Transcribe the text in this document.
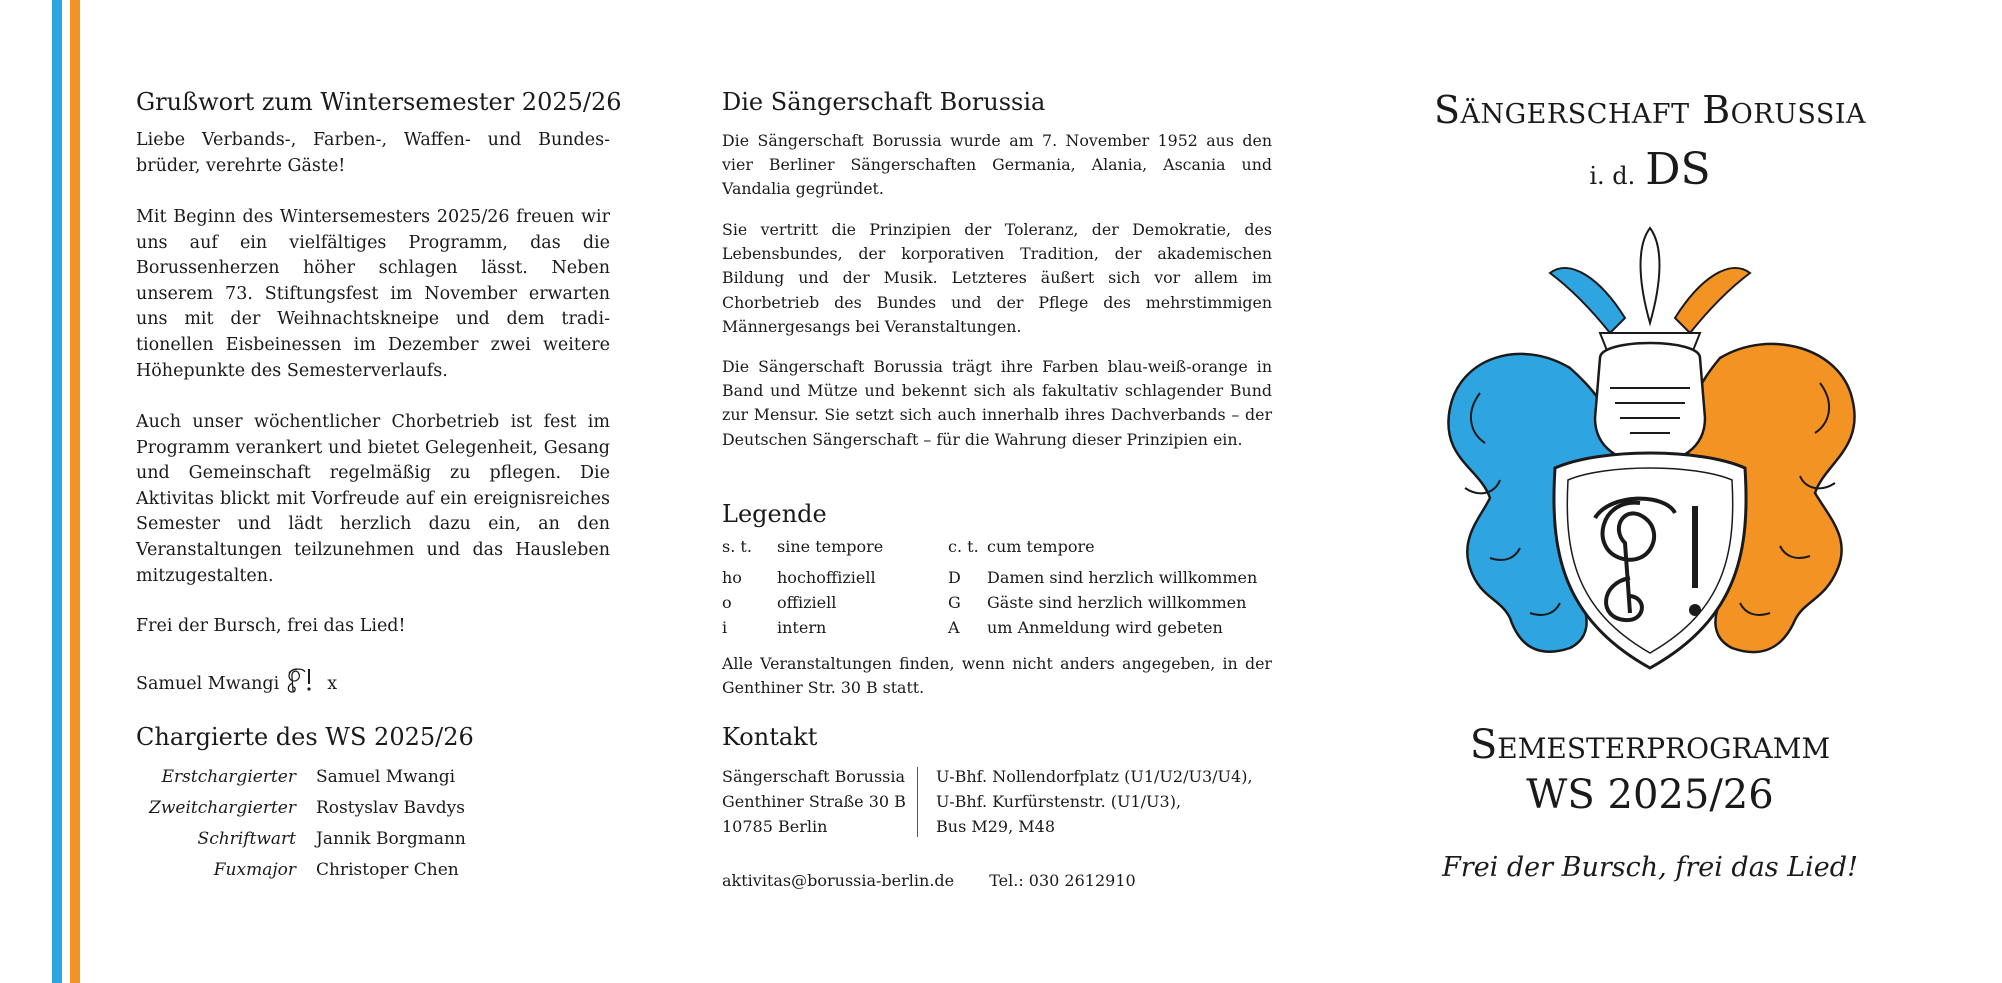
Grußwort zum Wintersemester 2025/26

Liebe Verbands-, Farben-, Waffen- und Bundesbrüder, verehrte Gäste!

Mit Beginn des Wintersemesters 2025/26 freuen wir uns auf ein vielfältiges Programm, das die Borussenherzen höher schlagen lässt. Neben unserem 73. Stiftungsfest im November erwarten uns mit der Weihnachtskneipe und dem traditionellen Eisbeinessen im Dezember zwei weitere Höhepunkte des Semesterverlaufs.

Auch unser wöchentlicher Chorbetrieb ist fest im Programm verankert und bietet Gelegenheit, Gesang und Gemeinschaft regelmäßig zu pflegen. Die Aktivitas blickt mit Vorfreude auf ein ereignisreiches Semester und lädt herzlich dazu ein, an den Veranstaltungen teilzunehmen und das Hausleben mitzugestalten.

Frei der Bursch, frei das Lied!

Samuel Mwangi	x
Chargierte des WS 2025/26
Erstchargierter	Samuel Mwangi
Zweitchargierter	Rostyslav Bavdys
Schriftwart	Jannik Borgmann
Fuxmajor	Christoper Chen
Die Sängerschaft Borussia

Die Sängerschaft Borussia wurde am 7. November 1952 aus den vier Berliner Sängerschaften Germania, Alania, Ascania und Vandalia gegründet.

Sie vertritt die Prinzipien der Toleranz, der Demokratie, des Lebensbundes, der korporativen Tradition, der akademischen Bildung und der Musik. Letzteres äußert sich vor allem im Chorbetrieb des Bundes und der Pflege des mehrstimmigen Männergesangs bei Veranstaltungen.

Die Sängerschaft Borussia trägt ihre Farben blau-weiß-orange in Band und Mütze und bekennt sich als fakultativ schlagender Bund zur Mensur. Sie setzt sich auch innerhalb ihres Dachverbands – der Deutschen Sängerschaft – für die Wahrung dieser Prinzipien ein.

Legende
s. t. sine tempore	c. t. cum tempore
ho hochoffiziell	D Damen sind herzlich willkommen
o	offiziell	G Gäste sind herzlich willkommen
i	intern	A um Anmeldung wird gebeten

Alle Veranstaltungen finden, wenn nicht anders angegeben, in der Genthiner Str. 30 B statt.

Kontakt
Sängerschaft Borussia
Genthiner Straße 30 B
10785 Berlin
U-Bhf. Nollendorfplatz (U1/U2/U3/U4),
U-Bhf. Kurfürstenstr. (U1/U3),
Bus M29, M48
aktivitas@borussia-berlin.de Tel.: 030 2612910
Sängerschaft Borussia
i. d. DS
Semesterprogramm
WS 2025/26
Frei der Bursch, frei das Lied!
